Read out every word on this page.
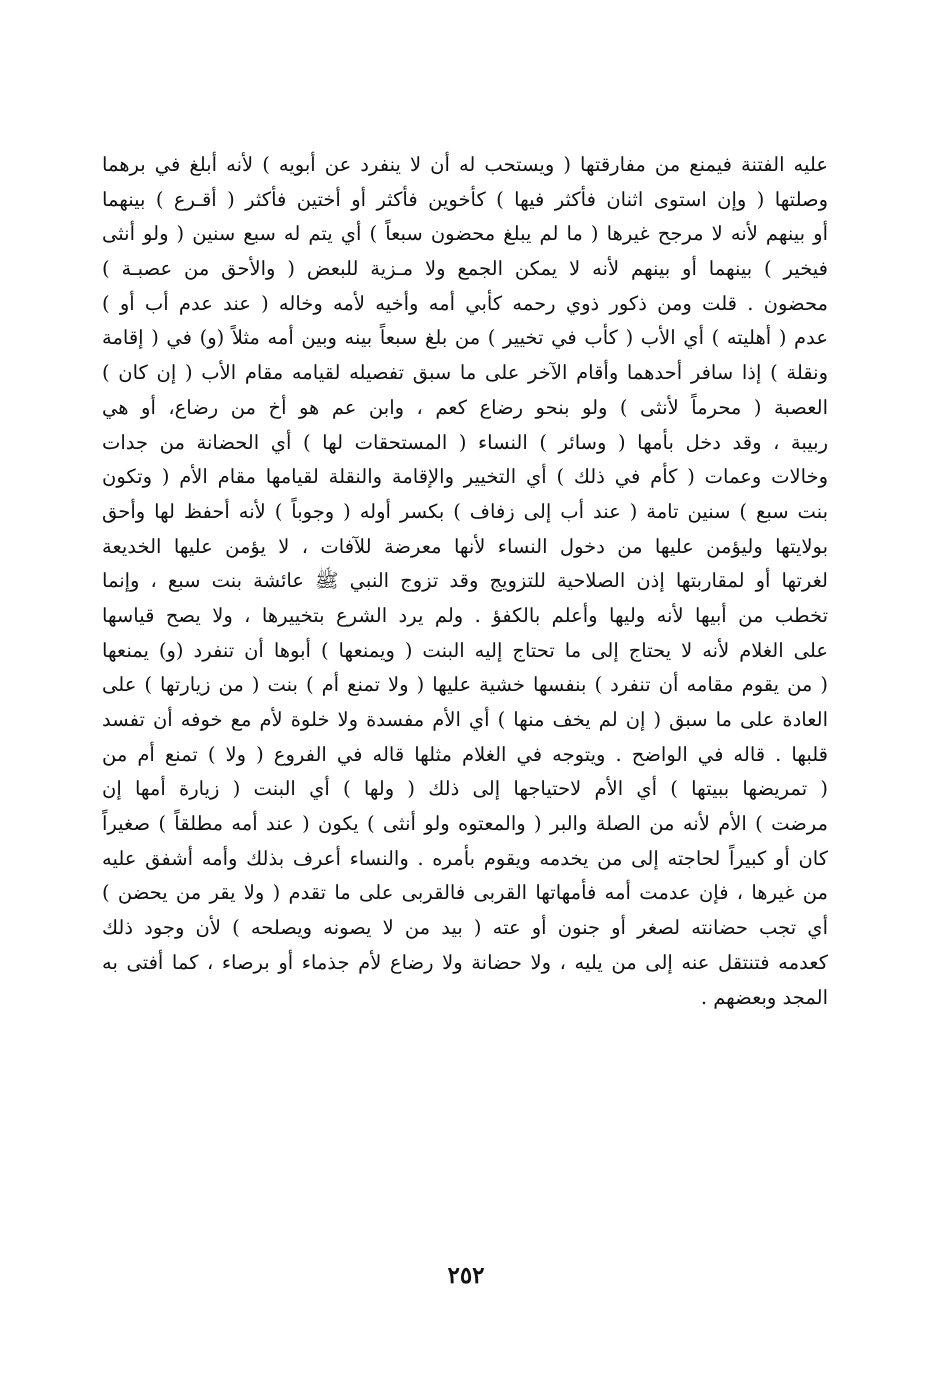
عليه الفتنة فيمنع من مفارقتها ( ويستحب له أن لا ينفرد عن أبويه ) لأنه أبلغ في برهما
وصلتها ( وإن استوى اثنان فأكثر فيها ) كأخوين فأكثر أو أختين فأكثر ( أقـرع ) بينهما
أو بينهم لأنه لا مرجح غيرها ( ما لم يبلغ محضون سبعاً ) أي يتم له سبع سنين ( ولو أنثى
فيخير ) بينهما أو بينهم لأنه لا يمكن الجمع ولا مـزية للبعض ( والأحق من عصبـة )
محضون . قلت ومن ذكور ذوي رحمه كأبي أمه وأخيه لأمه وخاله ( عند عدم أب أو )
عدم ( أهليته ) أي الأب ( كأب في تخيير ) من بلغ سبعاً بينه وبين أمه مثلاً (و) في ( إقامة
ونقلة ) إذا سافر أحدهما وأقام الآخر على ما سبق تفصيله لقيامه مقام الأب ( إن كان )
العصبة ( محرماً لأنثى ) ولو بنحو رضاع كعم ، وابن عم هو أخ من رضاع، أو هي
ربيبة ، وقد دخل بأمها ( وسائر ) النساء ( المستحقات لها ) أي الحضانة من جدات
وخالات وعمات ( كأم في ذلك ) أي التخيير والإقامة والنقلة لقيامها مقام الأم ( وتكون
بنت سبع ) سنين تامة ( عند أب إلى زفاف ) بكسر أوله ( وجوباً ) لأنه أحفظ لها وأحق
بولايتها وليؤمن عليها من دخول النساء لأنها معرضة للآفات ، لا يؤمن عليها الخديعة
لغرتها أو لمقاربتها إذن الصلاحية للتزويج وقد تزوج النبي ﷺ عائشة بنت سبع ، وإنما
تخطب من أبيها لأنه وليها وأعلم بالكفؤ . ولم يرد الشرع بتخييرها ، ولا يصح قياسها
على الغلام لأنه لا يحتاج إلى ما تحتاج إليه البنت ( ويمنعها ) أبوها أن تنفرد (و) يمنعها
( من يقوم مقامه أن تنفرد ) بنفسها خشية عليها ( ولا تمنع أم ) بنت ( من زيارتها ) على
العادة على ما سبق ( إن لم يخف منها ) أي الأم مفسدة ولا خلوة لأم مع خوفه أن تفسد
قلبها . قاله في الواضح . ويتوجه في الغلام مثلها قاله في الفروع ( ولا ) تمنع أم من
( تمريضها ببيتها ) أي الأم لاحتياجها إلى ذلك ( ولها ) أي البنت ( زيارة أمها إن
مرضت ) الأم لأنه من الصلة والبر ( والمعتوه ولو أنثى ) يكون ( عند أمه مطلقاً ) صغيراً
كان أو كبيراً لحاجته إلى من يخدمه ويقوم بأمره . والنساء أعرف بذلك وأمه أشفق عليه
من غيرها ، فإن عدمت أمه فأمهاتها القربى فالقربى على ما تقدم ( ولا يقر من يحضن )
أي تجب حضانته لصغر أو جنون أو عته ( بيد من لا يصونه ويصلحه ) لأن وجود ذلك
كعدمه فتنتقل عنه إلى من يليه ، ولا حضانة ولا رضاع لأم جذماء أو برصاء ، كما أفتى به
المجد وبعضهم .
٢٥٢
